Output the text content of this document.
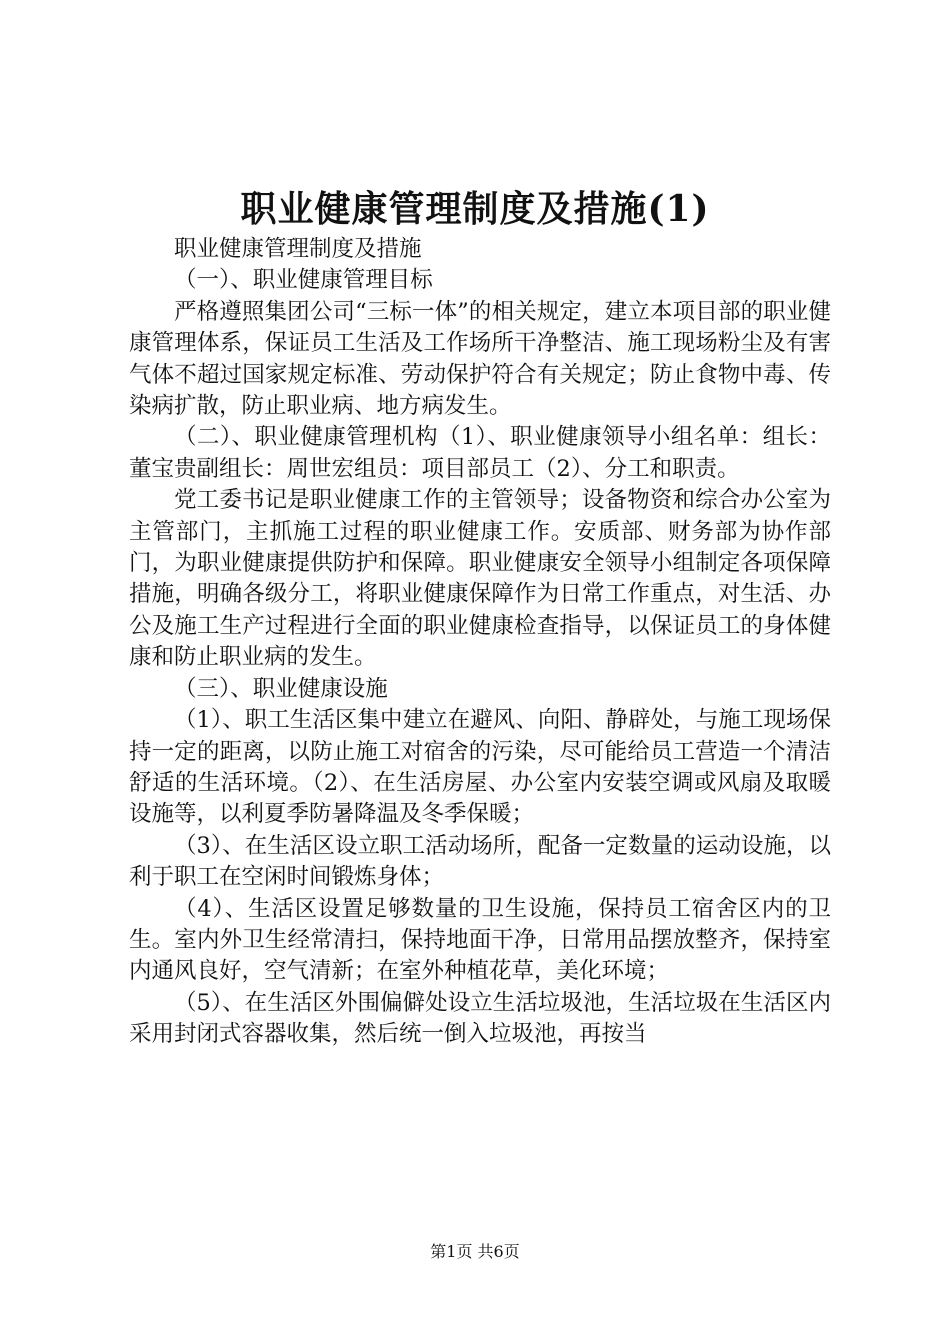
职业健康管理制度及措施(1)

职业健康管理制度及措施

（一）、职业健康管理目标

严格遵照集团公司“三标一体”的相关规定，建立本项目部的职业健康管理体系，保证员工生活及工作场所干净整洁、施工现场粉尘及有害气体不超过国家规定标准、劳动保护符合有关规定；防止食物中毒、传染病扩散，防止职业病、地方病发生。

（二）、职业健康管理机构（1）、职业健康领导小组名单：组长：董宝贵副组长：周世宏组员：项目部员工（2）、分工和职责。

党工委书记是职业健康工作的主管领导；设备物资和综合办公室为主管部门，主抓施工过程的职业健康工作。安质部、财务部为协作部门，为职业健康提供防护和保障。职业健康安全领导小组制定各项保障措施，明确各级分工，将职业健康保障作为日常工作重点，对生活、办公及施工生产过程进行全面的职业健康检查指导，以保证员工的身体健康和防止职业病的发生。

（三）、职业健康设施

（1）、职工生活区集中建立在避风、向阳、静辟处，与施工现场保持一定的距离，以防止施工对宿舍的污染，尽可能给员工营造一个清洁舒适的生活环境。（2）、在生活房屋、办公室内安装空调或风扇及取暖设施等，以利夏季防暑降温及冬季保暖；

（3）、在生活区设立职工活动场所，配备一定数量的运动设施，以利于职工在空闲时间锻炼身体；

（4）、生活区设置足够数量的卫生设施，保持员工宿舍区内的卫生。室内外卫生经常清扫，保持地面干净，日常用品摆放整齐，保持室内通风良好，空气清新；在室外种植花草，美化环境；

（5）、在生活区外围偏僻处设立生活垃圾池，生活垃圾在生活区内采用封闭式容器收集，然后统一倒入垃圾池，再按当

第1页 共6页
